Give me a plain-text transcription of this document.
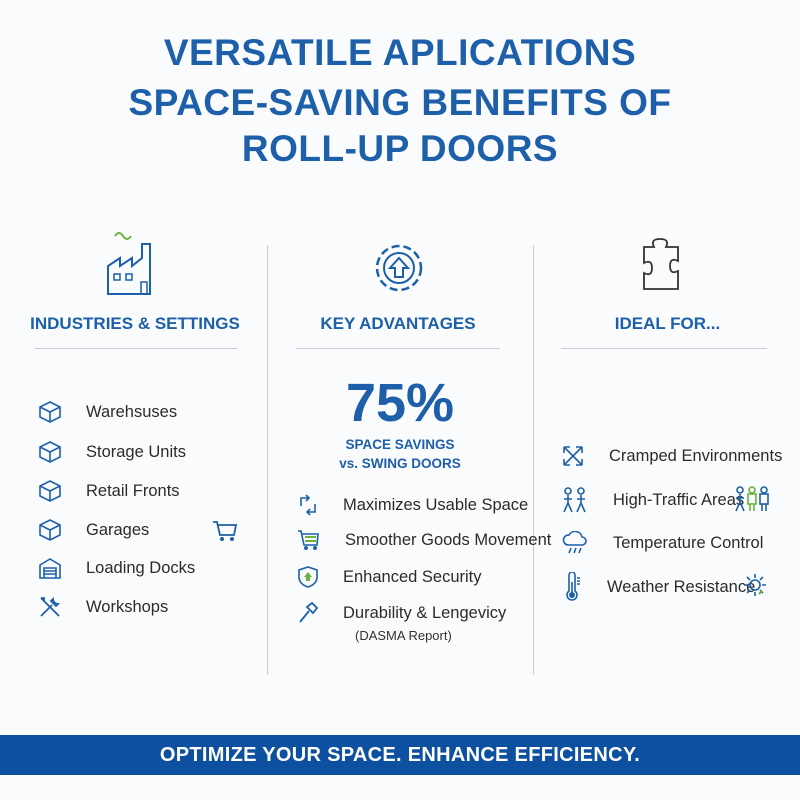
VERSATILE APLICATIONS
SPACE-SAVING BENEFITS OF
ROLL-UP DOORS
INDUSTRIES & SETTINGS	KEY ADVANTAGES	IDEAL FOR...
Warehsuses
Storage Units
Retail Fronts
Garages
Loading Docks
Workshops
75%
SPACE SAVINGS
vs. SWING DOORS
Maximizes Usable Space
Smoother Goods Movement
Enhanced Security
Durability & Lengevicy
(DASMA Report)
Cramped Environments
High-Traffic Areas
Temperature Control
Weather Resistance
OPTIMIZE YOUR SPACE. ENHANCE EFFICIENCY.
